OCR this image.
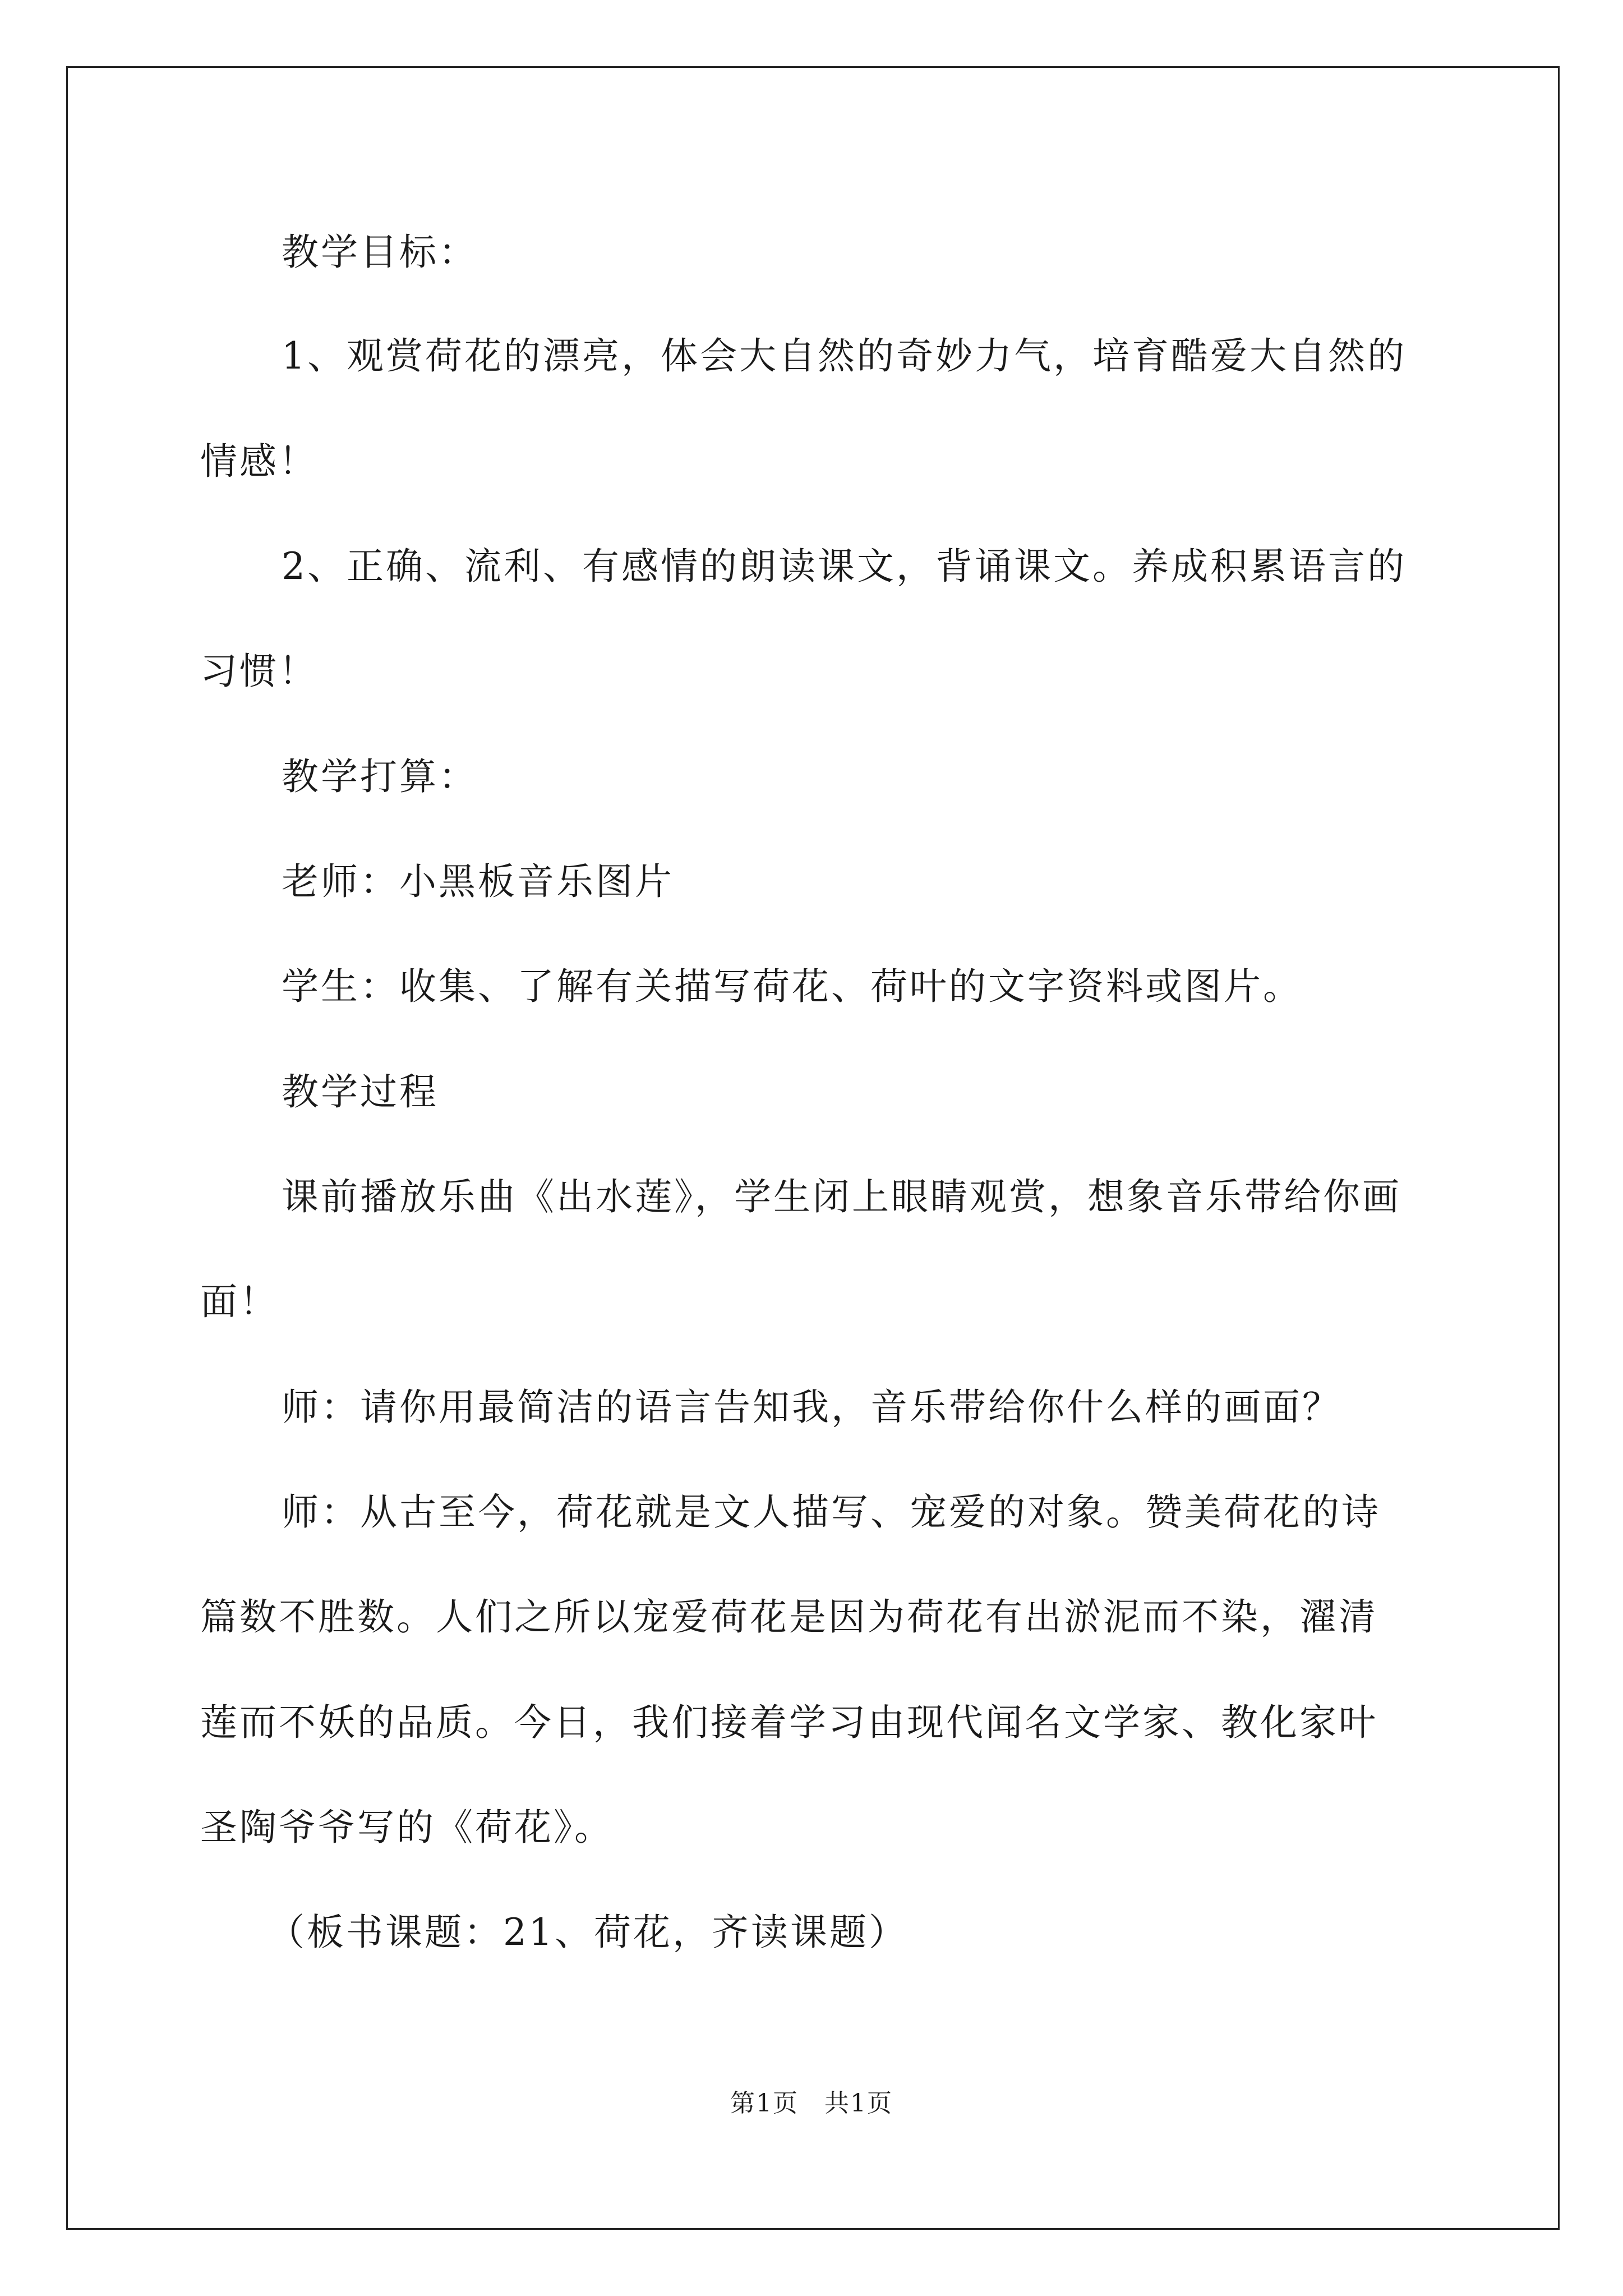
教学目标：
1、观赏荷花的漂亮，体会大自然的奇妙力气，培育酷爱大自然的
情感！
2、正确、流利、有感情的朗读课文，背诵课文。养成积累语言的
习惯！
教学打算：
老师：小黑板音乐图片
学生：收集、了解有关描写荷花、荷叶的文字资料或图片。
教学过程
课前播放乐曲《出水莲》，学生闭上眼睛观赏，想象音乐带给你画
面！
师：请你用最简洁的语言告知我，音乐带给你什么样的画面？
师：从古至今，荷花就是文人描写、宠爱的对象。赞美荷花的诗
篇数不胜数。人们之所以宠爱荷花是因为荷花有出淤泥而不染，濯清
莲而不妖的品质。今日，我们接着学习由现代闻名文学家、教化家叶
圣陶爷爷写的《荷花》。
（板书课题：21、荷花，齐读课题）
第1页　共1页
